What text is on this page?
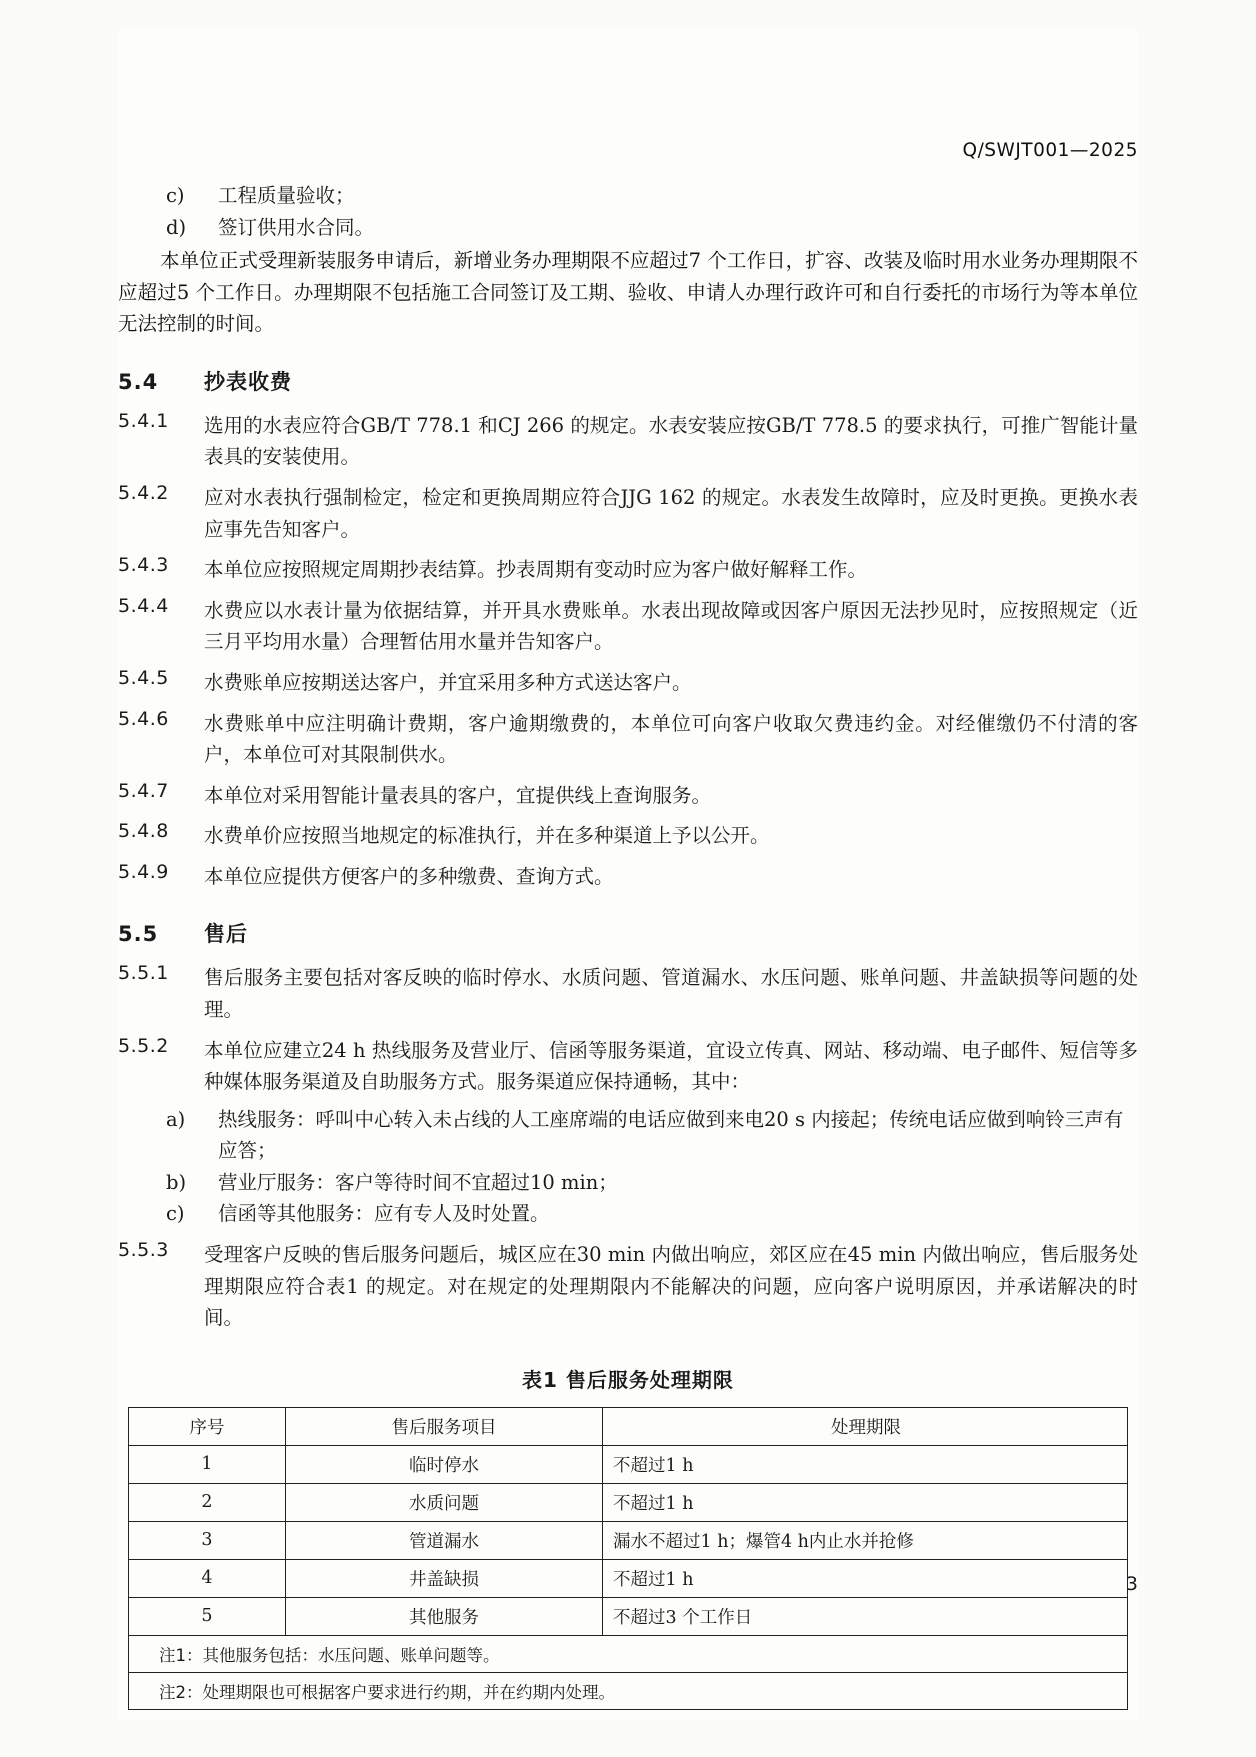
Q/SWJT001—2025
c)	工程质量验收；
d)	签订供用水合同。

本单位正式受理新装服务申请后，新增业务办理期限不应超过7 个工作日，扩容、改装及临时用水业务办理期限不应超过5 个工作日。办理期限不包括施工合同签订及工期、验收、申请人办理行政许可和自行委托的市场行为等本单位无法控制的时间。

5.4 抄表收费
5.4.1	选用的水表应符合GB/T 778.1 和CJ 266 的规定。水表安装应按GB/T 778.5 的要求执行，可推广智能计量表具的安装使用。
5.4.2	应对水表执行强制检定，检定和更换周期应符合JJG 162 的规定。水表发生故障时，应及时更换。更换水表应事先告知客户。
5.4.3	本单位应按照规定周期抄表结算。抄表周期有变动时应为客户做好解释工作。
5.4.4	水费应以水表计量为依据结算，并开具水费账单。水表出现故障或因客户原因无法抄见时，应按照规定（近三月平均用水量）合理暂估用水量并告知客户。
5.4.5	水费账单应按期送达客户，并宜采用多种方式送达客户。
5.4.6	水费账单中应注明确计费期，客户逾期缴费的，本单位可向客户收取欠费违约金。对经催缴仍不付清的客户，本单位可对其限制供水。
5.4.7	本单位对采用智能计量表具的客户，宜提供线上查询服务。
5.4.8	水费单价应按照当地规定的标准执行，并在多种渠道上予以公开。
5.4.9	本单位应提供方便客户的多种缴费、查询方式。
5.5 售后
5.5.1	售后服务主要包括对客反映的临时停水、水质问题、管道漏水、水压问题、账单问题、井盖缺损等问题的处理。
5.5.2	本单位应建立24 h 热线服务及营业厅、信函等服务渠道，宜设立传真、网站、移动端、电子邮件、短信等多种媒体服务渠道及自助服务方式。服务渠道应保持通畅，其中：
a)	热线服务：呼叫中心转入未占线的人工座席端的电话应做到来电20 s 内接起；传统电话应做到响铃三声有应答；
b)	营业厅服务：客户等待时间不宜超过10 min；
c)	信函等其他服务：应有专人及时处置。
5.5.3	受理客户反映的售后服务问题后，城区应在30 min 内做出响应，郊区应在45 min 内做出响应，售后服务处理期限应符合表1 的规定。对在规定的处理期限内不能解决的问题，应向客户说明原因，并承诺解决的时间。
表1 售后服务处理期限
序号	售后服务项目	处理期限
1	临时停水	不超过1 h
2	水质问题	不超过1 h
3	管道漏水	漏水不超过1 h；爆管4 h内止水并抢修
4	井盖缺损	不超过1 h
5	其他服务	不超过3 个工作日
注1：其他服务包括：水压问题、账单问题等。		
注2：处理期限也可根据客户要求进行约期，并在约期内处理。		
3
